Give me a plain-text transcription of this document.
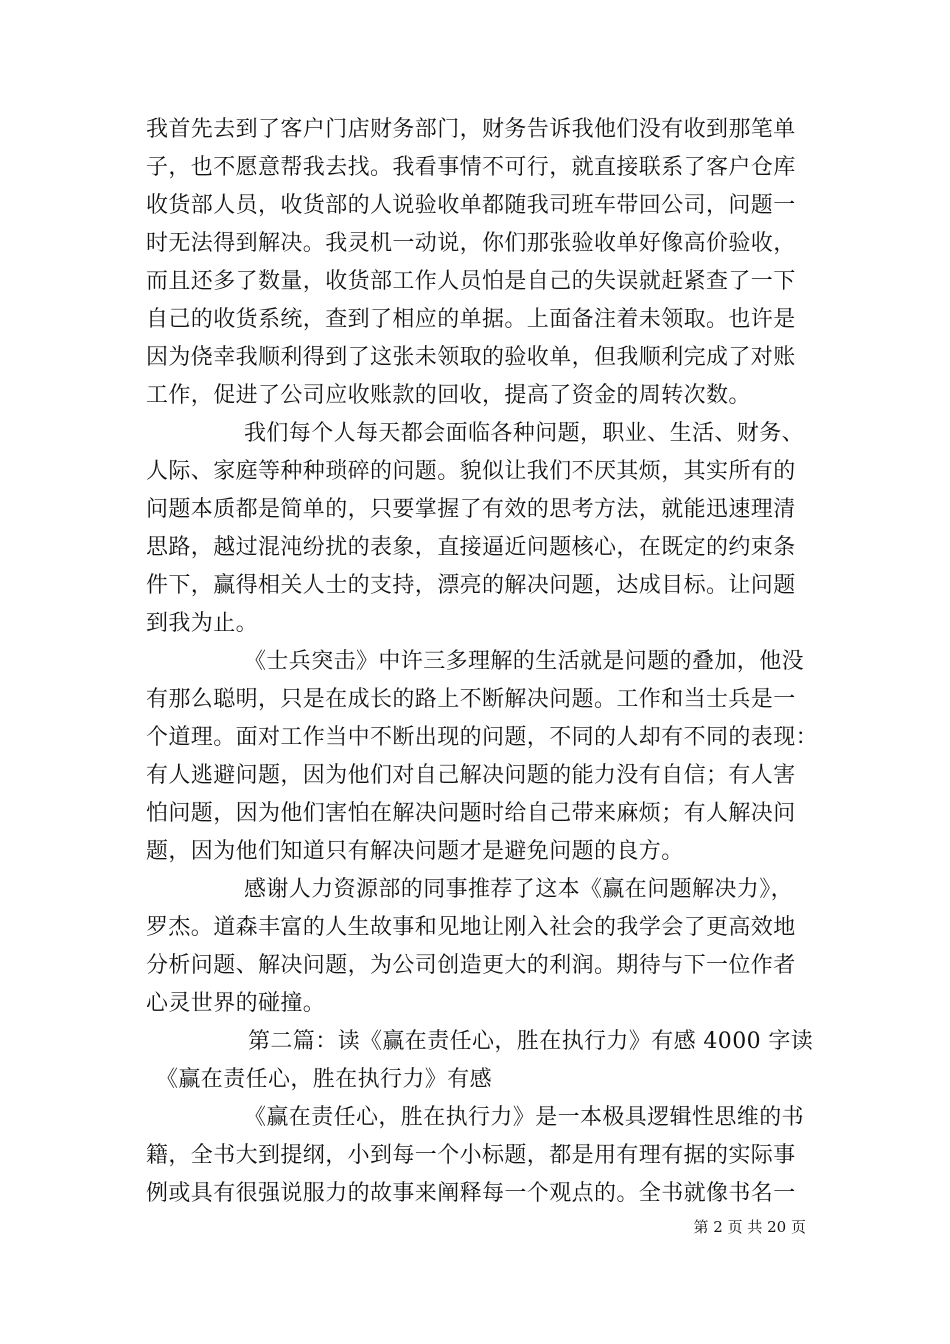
我首先去到了客户门店财务部门，财务告诉我他们没有收到那笔单
子，也不愿意帮我去找。我看事情不可行，就直接联系了客户仓库
收货部人员，收货部的人说验收单都随我司班车带回公司，问题一
时无法得到解决。我灵机一动说，你们那张验收单好像高价验收，
而且还多了数量，收货部工作人员怕是自己的失误就赶紧查了一下
自己的收货系统，查到了相应的单据。上面备注着未领取。也许是
因为侥幸我顺利得到了这张未领取的验收单，但我顺利完成了对账
工作，促进了公司应收账款的回收，提高了资金的周转次数。
我们每个人每天都会面临各种问题，职业、生活、财务、
人际、家庭等种种琐碎的问题。貌似让我们不厌其烦，其实所有的
问题本质都是简单的，只要掌握了有效的思考方法，就能迅速理清
思路，越过混沌纷扰的表象，直接逼近问题核心，在既定的约束条
件下，赢得相关人士的支持，漂亮的解决问题，达成目标。让问题
到我为止。
《士兵突击》中许三多理解的生活就是问题的叠加，他没
有那么聪明，只是在成长的路上不断解决问题。工作和当士兵是一
个道理。面对工作当中不断出现的问题，不同的人却有不同的表现：
有人逃避问题，因为他们对自己解决问题的能力没有自信；有人害
怕问题，因为他们害怕在解决问题时给自己带来麻烦；有人解决问
题，因为他们知道只有解决问题才是避免问题的良方。
感谢人力资源部的同事推荐了这本《赢在问题解决力》，
罗杰。道森丰富的人生故事和见地让刚入社会的我学会了更高效地
分析问题、解决问题，为公司创造更大的利润。期待与下一位作者
心灵世界的碰撞。
第二篇：读《赢在责任心，胜在执行力》有感 4000 字读
《赢在责任心，胜在执行力》有感
《赢在责任心，胜在执行力》是一本极具逻辑性思维的书
籍，全书大到提纲，小到每一个小标题，都是用有理有据的实际事
例或具有很强说服力的故事来阐释每一个观点的。全书就像书名一
第 2 页 共 20 页
